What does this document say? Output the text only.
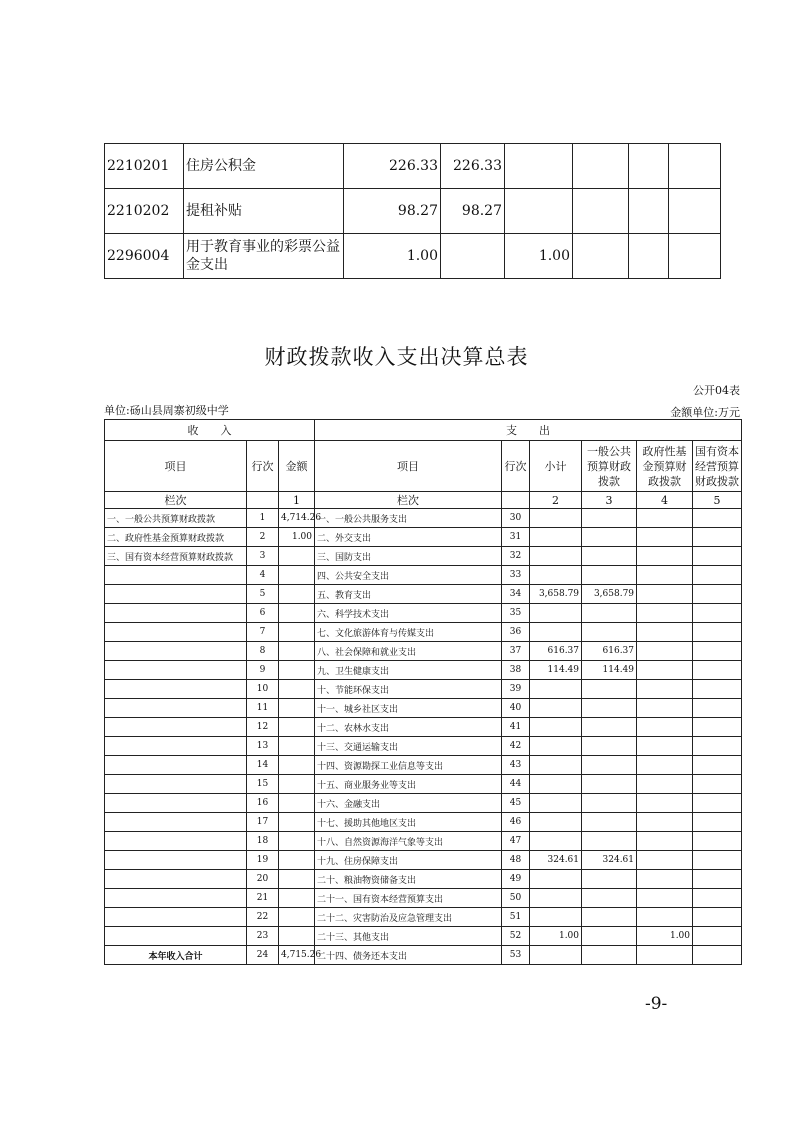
2210201	住房公积金	226.33	226.33				
2210202	提租补贴	98.27	98.27				
2296004	用于教育事业的彩票公益金支出	1.00		1.00			
财政拨款收入支出决算总表
公开04表
单位:砀山县周寨初级中学	金额单位:万元
收　　入			支　　出					
项目	行次	金额	项目	行次	小计	一般公共预算财政拨款	政府性基金预算财政拨款	国有资本经营预算财政拨款
栏次		1	栏次		2	3	4	5
一、一般公共预算财政拨款	1	4,714.26	一、一般公共服务支出	30				
二、政府性基金预算财政拨款	2	1.00	二、外交支出	31				
三、国有资本经营预算财政拨款	3		三、国防支出	32				
	4		四、公共安全支出	33				
	5		五、教育支出	34	3,658.79	3,658.79		
	6		六、科学技术支出	35				
	7		七、文化旅游体育与传媒支出	36				
	8		八、社会保障和就业支出	37	616.37	616.37		
	9		九、卫生健康支出	38	114.49	114.49		
	10		十、节能环保支出	39				
	11		十一、城乡社区支出	40				
	12		十二、农林水支出	41				
	13		十三、交通运输支出	42				
	14		十四、资源勘探工业信息等支出	43				
	15		十五、商业服务业等支出	44				
	16		十六、金融支出	45				
	17		十七、援助其他地区支出	46				
	18		十八、自然资源海洋气象等支出	47				
	19		十九、住房保障支出	48	324.61	324.61		
	20		二十、粮油物资储备支出	49				
	21		二十一、国有资本经营预算支出	50				
	22		二十二、灾害防治及应急管理支出	51				
	23		二十三、其他支出	52	1.00		1.00	
本年收入合计	24	4,715.26	二十四、债务还本支出	53				
-9-
